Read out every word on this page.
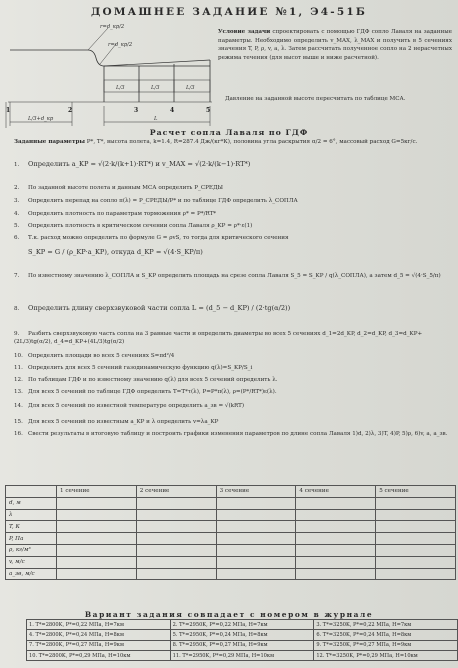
ДОМАШНЕЕ ЗАДАНИЕ №1, Э4-51Б
r=d_кр/2
r=d_кр/2
L/3	L/3	L/3
1	2	3	4	5
L/3+d_кр	L
Условие задачи спроектировать с помощью ГДФ сопло Лаваля на заданные параметры. Необходимо определить v_MAX, λ_MAX и получить в 5 сечениях значения T, P, ρ, v, a, λ. Затем рассчитать полученное сопло на 2 нерасчетных режима течения (для высот выше и ниже расчетной).
Давление на заданной высоте пересчитать по таблице МСА.
Расчет сопла Лаваля по ГДФ
Заданные параметры P*, T*, высота полета, k=1.4, R=287.4 Дж/(кг*К), половина угла раскрытия α/2 = 6°, массовый расход G=5кг/с.
1. Определить a_KP = √(2·k/(k+1)·RT*) и v_MAX = √(2·k/(k−1)·RT*)
2. По заданной высоте полета и данным МСА определить P_СРЕДЫ
3. Определить перепад на сопло π(λ) = P_СРЕДЫ/P* и по таблице ГДФ определить λ_СОПЛА
4. Определить плотность по параметрам торможения ρ* = P*/RT*
5. Определить плотность в критическом сечении сопла Лаваля ρ_KP = ρ*·ε(1)
6. Т.к. расход можно определить по формуле G = ρvS, то тогда для критического сечения
S_KP = G / (ρ_KP·a_KP), откуда d_KP = √(4·S_KP/π)
7. По известному значению λ_СОПЛА и S_KP определить площадь на срезе сопла Лаваля S_5 = S_KP / q(λ_СОПЛА), а затем d_5 = √(4·S_5/π)
8. Определить длину сверхзвуковой части сопла L = (d_5 − d_KP) / (2·tg(α/2))
9. Разбить сверхзвуковую часть сопла на 3 равные части и определить диаметры во всех 5 сечениях d_1=2d_KP, d_2=d_KP, d_3=d_KP+(2L/3)tg(α/2), d_4=d_KP+(4L/3)tg(α/2)
10. Определить площади во всех 5 сечениях S=πd²/4
11. Определить для всех 5 сечений газодинамическую функцию q(λ)=S_KP/S_i
12. По таблицам ГДФ и по известному значению q(λ) для всех 5 сечений определить λ.
13. Для всех 5 сечений по таблице ГДФ определить T=T*τ(λ), P=P*π(λ), ρ=(P*/RT*)ε(λ).
14. Для всех 5 сечений по известной температуре определить a_зв = √(kRT)
15. Для всех 5 сечений по известным a_KP и λ определить v=λa_KP
16. Свести результаты в итоговую таблицу и построить графики изменения параметров по длине сопла Лаваля 1)d, 2)λ, 3)T, 4)P, 5)ρ, 6)v, a, a_зв.
	1 сечение	2 сечение	3 сечение	4 сечение	5 сечение
d, м					
λ					
T, К					
P, Па					
ρ, кг/м³					
v, м/с					
a_зв, м/с					
Вариант задания совпадает с номером в журнале
1. T*=2800K, P*=0,22 МПа, H=7км	2. T*=2950K, P*=0,22 МПа, H=7км	3. T*=3250K, P*=0,22 МПа, H=7км
4. T*=2800K, P*=0,24 МПа, H=8км	5. T*=2950K, P*=0,24 МПа, H=8км	6. T*=3250K, P*=0,24 МПа, H=8км
7. T*=2800K, P*=0,27 МПа, H=9км	8. T*=2950K, P*=0,27 МПа, H=9км	9. T*=3250K, P*=0,27 МПа, H=9км
10. T*=2800K, P*=0,29 МПа, H=10км	11. T*=2950K, P*=0,29 МПа, H=10км	12. T*=3250K, P*=0,29 МПа, H=10км
